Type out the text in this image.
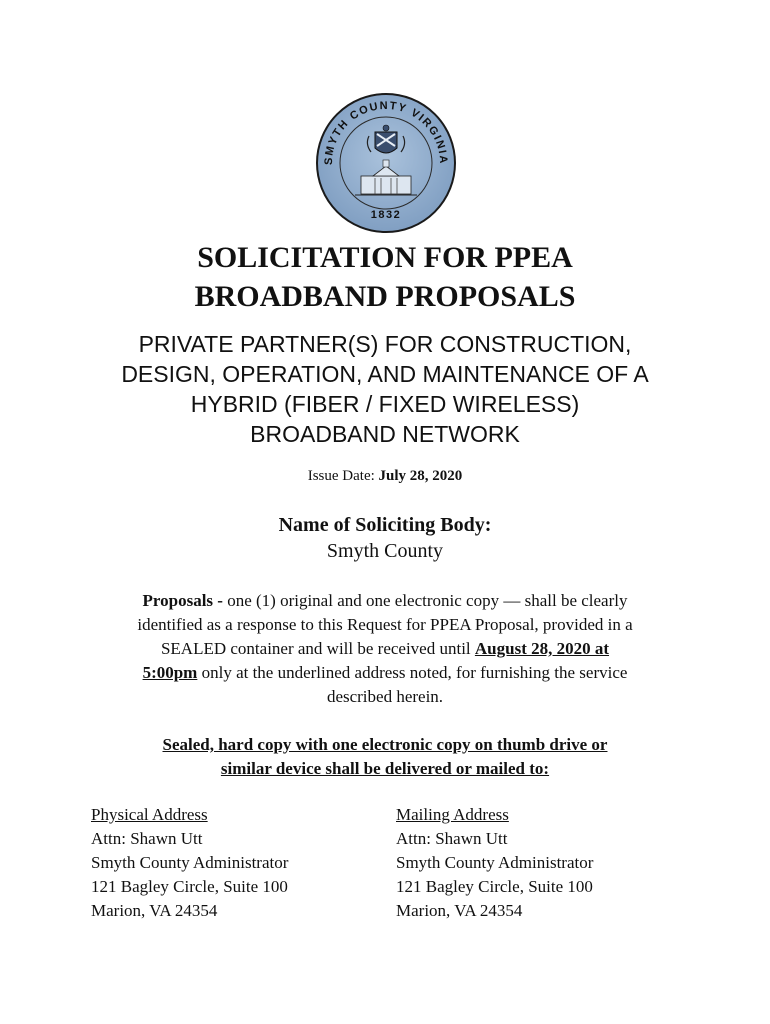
SMYTH COUNTY VIRGINIA
1832
SOLICITATION FOR PPEA
BROADBAND PROPOSALS
PRIVATE PARTNER(S) FOR CONSTRUCTION,
DESIGN, OPERATION, AND MAINTENANCE OF A
HYBRID (FIBER / FIXED WIRELESS)
BROADBAND NETWORK
Issue Date: July 28, 2020
Name of Soliciting Body:
Smyth County
Proposals - one (1) original and one electronic copy — shall be clearly
identified as a response to this Request for PPEA Proposal, provided in a
SEALED container and will be received until August 28, 2020 at
5:00pm only at the underlined address noted, for furnishing the service
described herein.
Sealed, hard copy with one electronic copy on thumb drive or
similar device shall be delivered or mailed to:
Physical Address
Attn: Shawn Utt
Smyth County Administrator
121 Bagley Circle, Suite 100
Marion, VA 24354
Mailing Address
Attn: Shawn Utt
Smyth County Administrator
121 Bagley Circle, Suite 100
Marion, VA 24354
